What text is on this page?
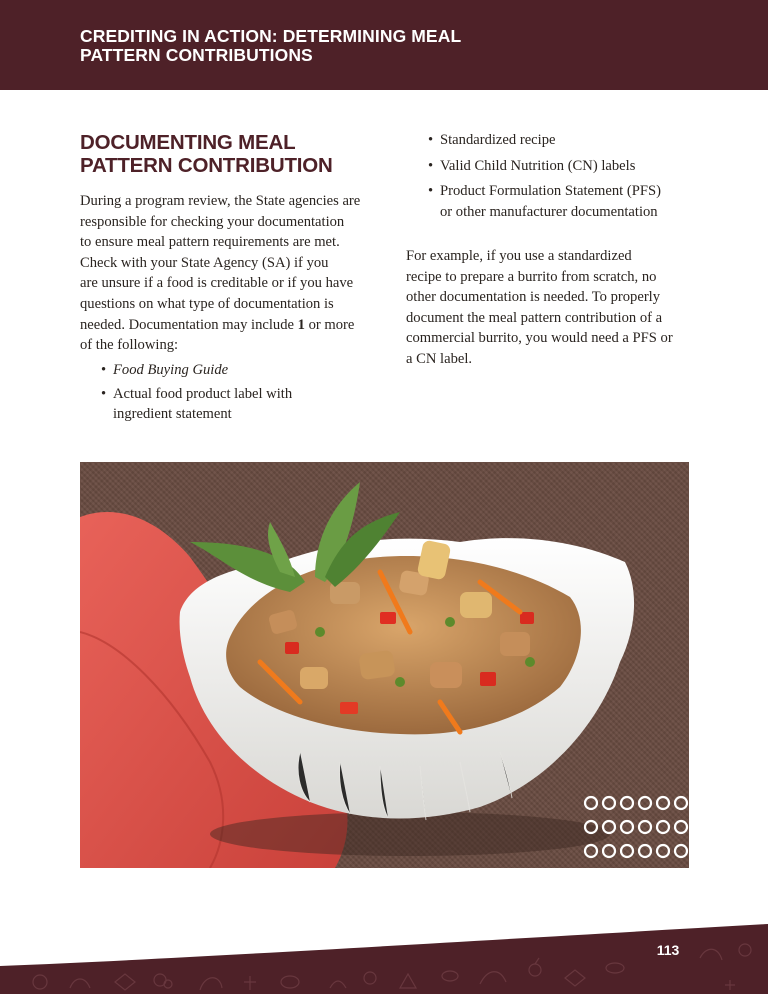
CREDITING IN ACTION: DETERMINING MEAL
PATTERN CONTRIBUTIONS
DOCUMENTING MEAL
PATTERN CONTRIBUTION
During a program review, the State agencies are
responsible for checking your documentation
to ensure meal pattern requirements are met.
Check with your State Agency (SA) if you
are unsure if a food is creditable or if you have
questions on what type of documentation is
needed. Documentation may include 1 or more
of the following:
• Food Buying Guide
• Actual food product label with
ingredient statement
• Standardized recipe
• Valid Child Nutrition (CN) labels
• Product Formulation Statement (PFS)
or other manufacturer documentation
For example, if you use a standardized
recipe to prepare a burrito from scratch, no
other documentation is needed. To properly
document the meal pattern contribution of a
commercial burrito, you would need a PFS or
a CN label.
113
